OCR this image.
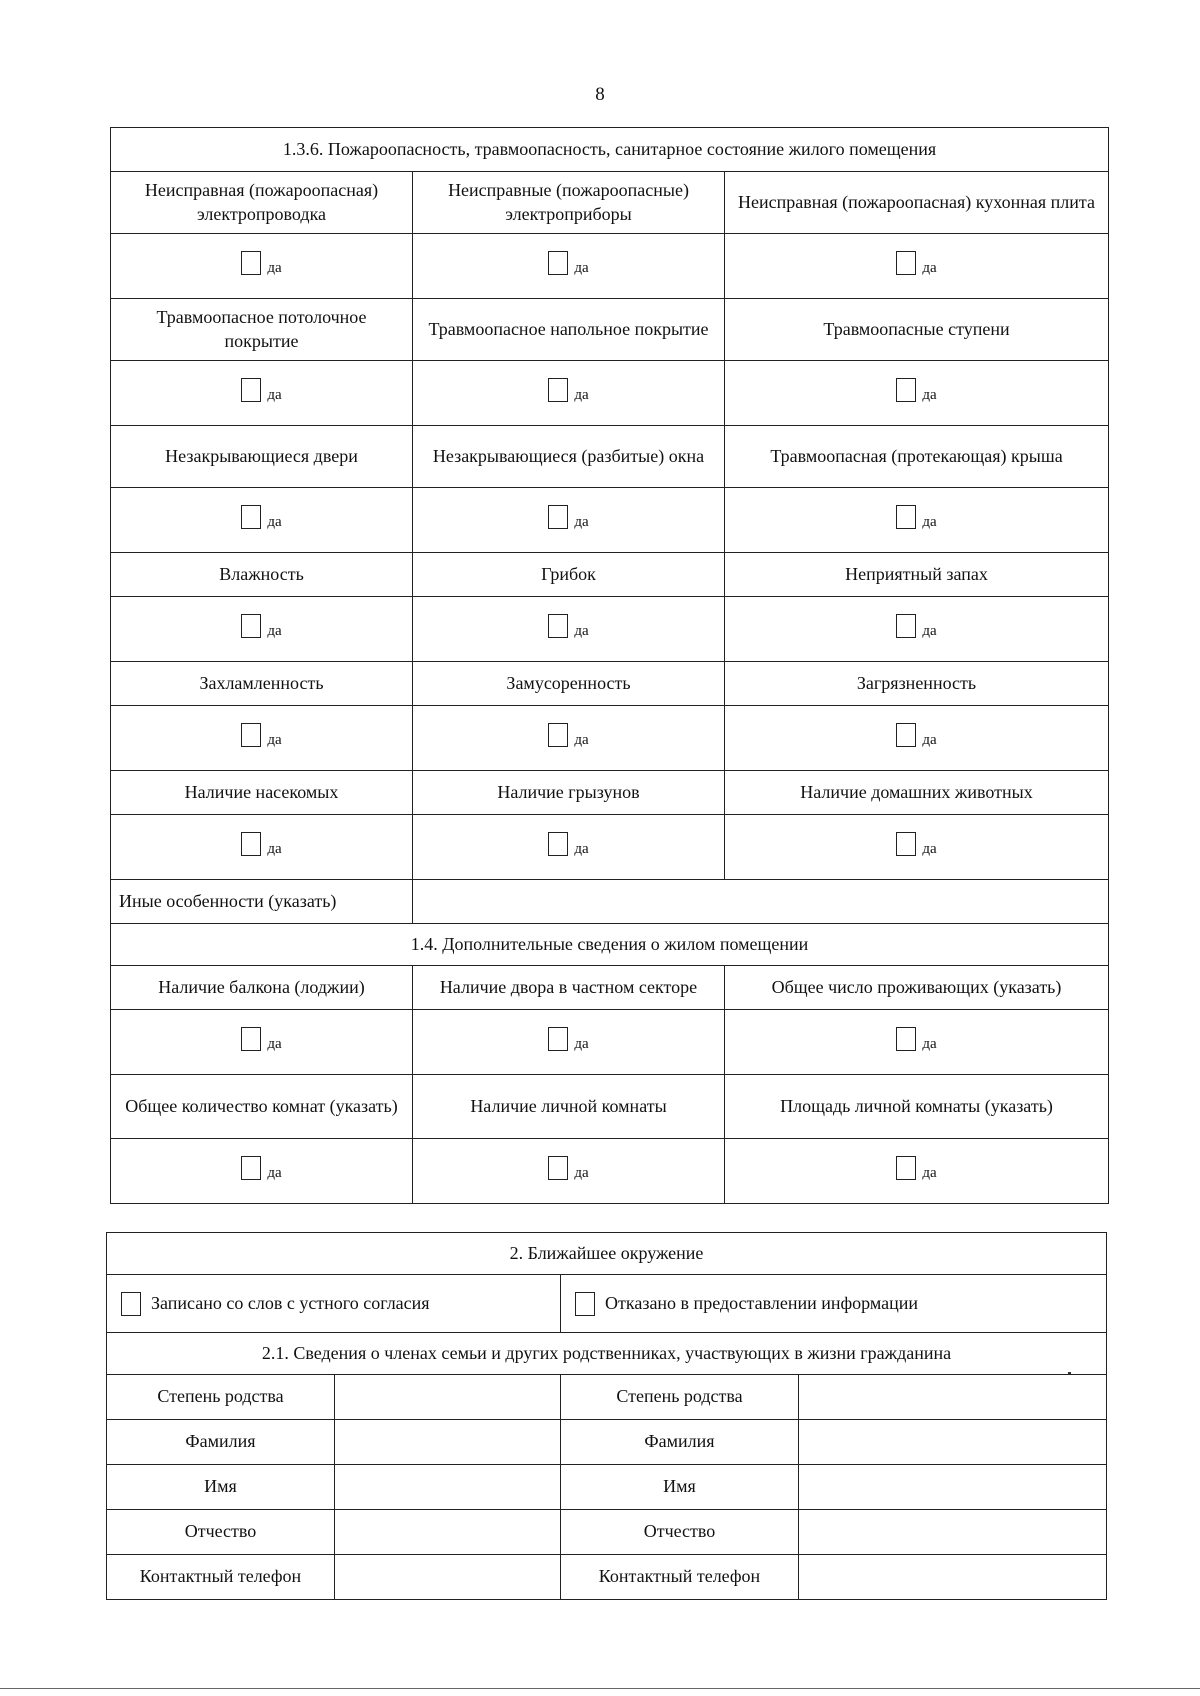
8
1.3.6. Пожароопасность, травмоопасность, санитарное состояние жилого помещения		
Неисправная (пожароопасная) электропроводка	Неисправные (пожароопасные) электроприборы	Неисправная (пожароопасная) кухонная плита

да	да	да

Травмоопасное потолочное покрытие	Травмоопасное напольное покрытие	Травмоопасные ступени

да	да	да

Незакрывающиеся двери	Незакрывающиеся (разбитые) окна	Травмоопасная (протекающая) крыша

да	да	да

Влажность	Грибок	Неприятный запах

да	да	да

Захламленность	Замусоренность	Загрязненность

да	да	да

Наличие насекомых	Наличие грызунов	Наличие домашних животных

да	да	да

Иные особенности (указать)		
1.4. Дополнительные сведения о жилом помещении		
Наличие балкона (лоджии)	Наличие двора в частном секторе	Общее число проживающих (указать)

да	да	да

Общее количество комнат (указать)	Наличие личной комнаты	Площадь личной комнаты (указать)

да	да	да
2. Ближайшее окружение			

Записано со слов с устного согласия		Отказано в предоставлении информации	

2.1. Сведения о членах семьи и других родственниках, участвующих в жизни гражданина			
Степень родства		Степень родства	
Фамилия		Фамилия	
Имя		Имя	
Отчество		Отчество	
Контактный телефон		Контактный телефон	
